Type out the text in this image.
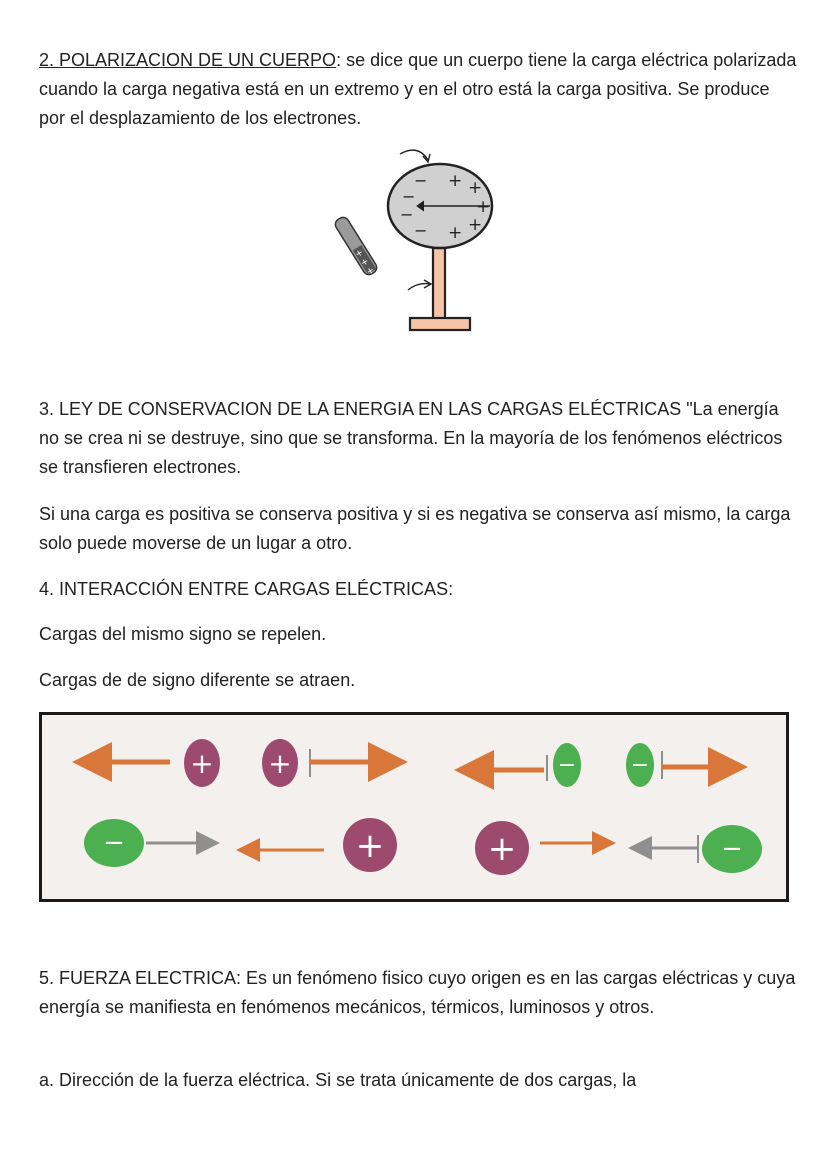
2. POLARIZACION DE UN CUERPO: se dice que un cuerpo tiene la carga eléctrica polarizada cuando la carga negativa está en un extremo y en el otro está la carga positiva. Se produce por el desplazamiento de los electrones.

+ + +
−
−
−
−
+ +
+
+
+

3. LEY DE CONSERVACION DE LA ENERGIA EN LAS CARGAS ELÉCTRICAS "La energía no se crea ni se destruye, sino que se transforma. En la mayoría de los fenómenos eléctricos se transfieren electrones.

Si una carga es positiva se conserva positiva y si es negativa se conserva así mismo, la carga solo puede moverse de un lugar a otro.

4. INTERACCIÓN ENTRE CARGAS ELÉCTRICAS:

Cargas del mismo signo se repelen.

Cargas de de signo diferente se atraen.

+ +	− −
−	+	+	−

5. FUERZA ELECTRICA: Es un fenómeno fisico cuyo origen es en las cargas eléctricas y cuya energía se manifiesta en fenómenos mecánicos, térmicos, luminosos y otros.

a. Dirección de la fuerza eléctrica. Si se trata únicamente de dos cargas, la
